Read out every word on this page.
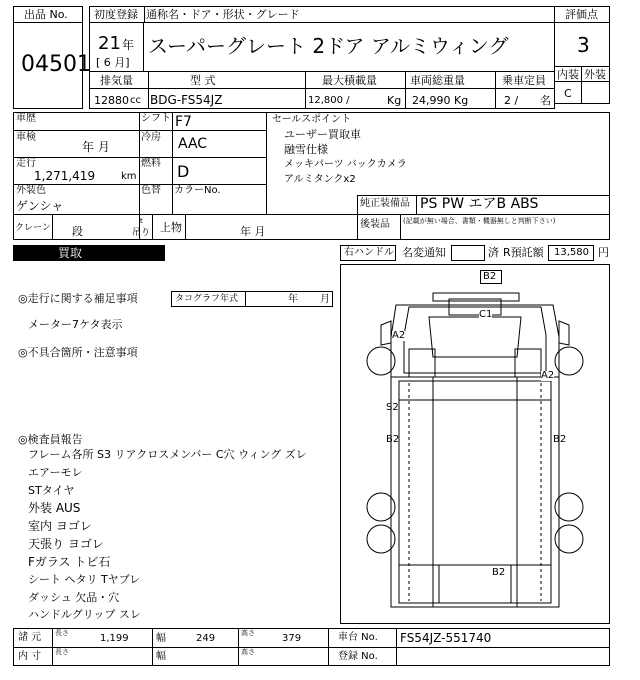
出品 No.
04501
初度登録 通称名・ドア・形状・グレード
21 年
[ 6 月]
スーパーグレート 2ドア アルミウィング
評価点
3
内装 外装
C
排気量	型 式	最大積載量	車両総重量	乗車定員
12880 cc BDG-FS54JZ	12,800 /	Kg 24,990 Kg	2 / 名
車歴	シフト F7
車検
年 月
冷房 AAC
走行
1,271,419	km
燃料 D
外装色
ゲンシャ
色替 カラーNo.
セールスポイント
ユーザー買取車
融雪仕様
メッキパーツ バックカメラ
アルミタンクx2
純正装備品 PS PW エアB ABS
後装品 (記載が無い場合、書類・機器無しと判断下さい)
クレーン 段
t
吊り 上物	年 月
買取	右ハンドル 名変通知	済 R預託額 13,580 円
◎走行に関する補足事項	タコグラフ年式	年 月
メーター7ケタ表示
◎不具合箇所・注意事項
◎検査員報告
フレーム各所 S3 リアクロスメンバー C穴 ウィング ズレ
エアーモレ
STタイヤ
外装 AUS
室内 ヨゴレ
天張り ヨゴレ
Fガラス トビ石
シート ヘタリ Tヤブレ
ダッシュ 欠品・穴
ハンドルグリップ スレ
B2
C1
A2
A2
S2
B2	B2
B2
諸 元 長さ	1,199	幅	249	高さ	379	車台 No. FS54JZ-551740
内 寸 長さ	幅	高さ	登録 No.
